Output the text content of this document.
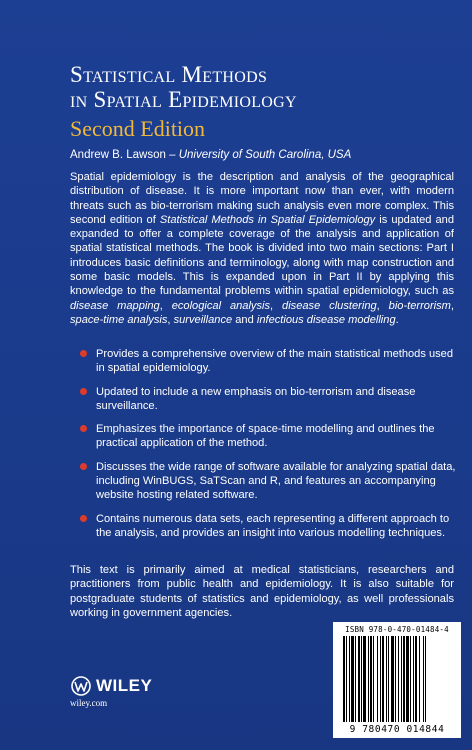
Statistical Methods
in Spatial Epidemiology
Second Edition
Andrew B. Lawson – University of South Carolina, USA

Spatial epidemiology is the description and analysis of the geographical distribution of disease. It is more important now than ever, with modern threats such as bio-terrorism making such analysis even more complex. This second edition of Statistical Methods in Spatial Epidemiology is updated and expanded to offer a complete coverage of the analysis and application of spatial statistical methods. The book is divided into two main sections: Part I introduces basic definitions and terminology, along with map construction and some basic models. This is expanded upon in Part II by applying this knowledge to the fundamental problems within spatial epidemiology, such as disease mapping, ecological analysis, disease clustering, bio-terrorism, space-time analysis, surveillance and infectious disease modelling.

Provides a comprehensive overview of the main statistical methods used in spatial epidemiology.
Updated to include a new emphasis on bio-terrorism and disease surveillance.
Emphasizes the importance of space-time modelling and outlines the practical application of the method.
Discusses the wide range of software available for analyzing spatial data, including WinBUGS, SaTScan and R, and features an accompanying website hosting related software.
Contains numerous data sets, each representing a different approach to the analysis, and provides an insight into various modelling techniques.

This text is primarily aimed at medical statisticians, researchers and practitioners from public health and epidemiology. It is also suitable for postgraduate students of statistics and epidemiology, as well professionals working in government agencies.

WILEY
wiley.com
ISBN 978-0-470-01484-4
9 780470 014844
